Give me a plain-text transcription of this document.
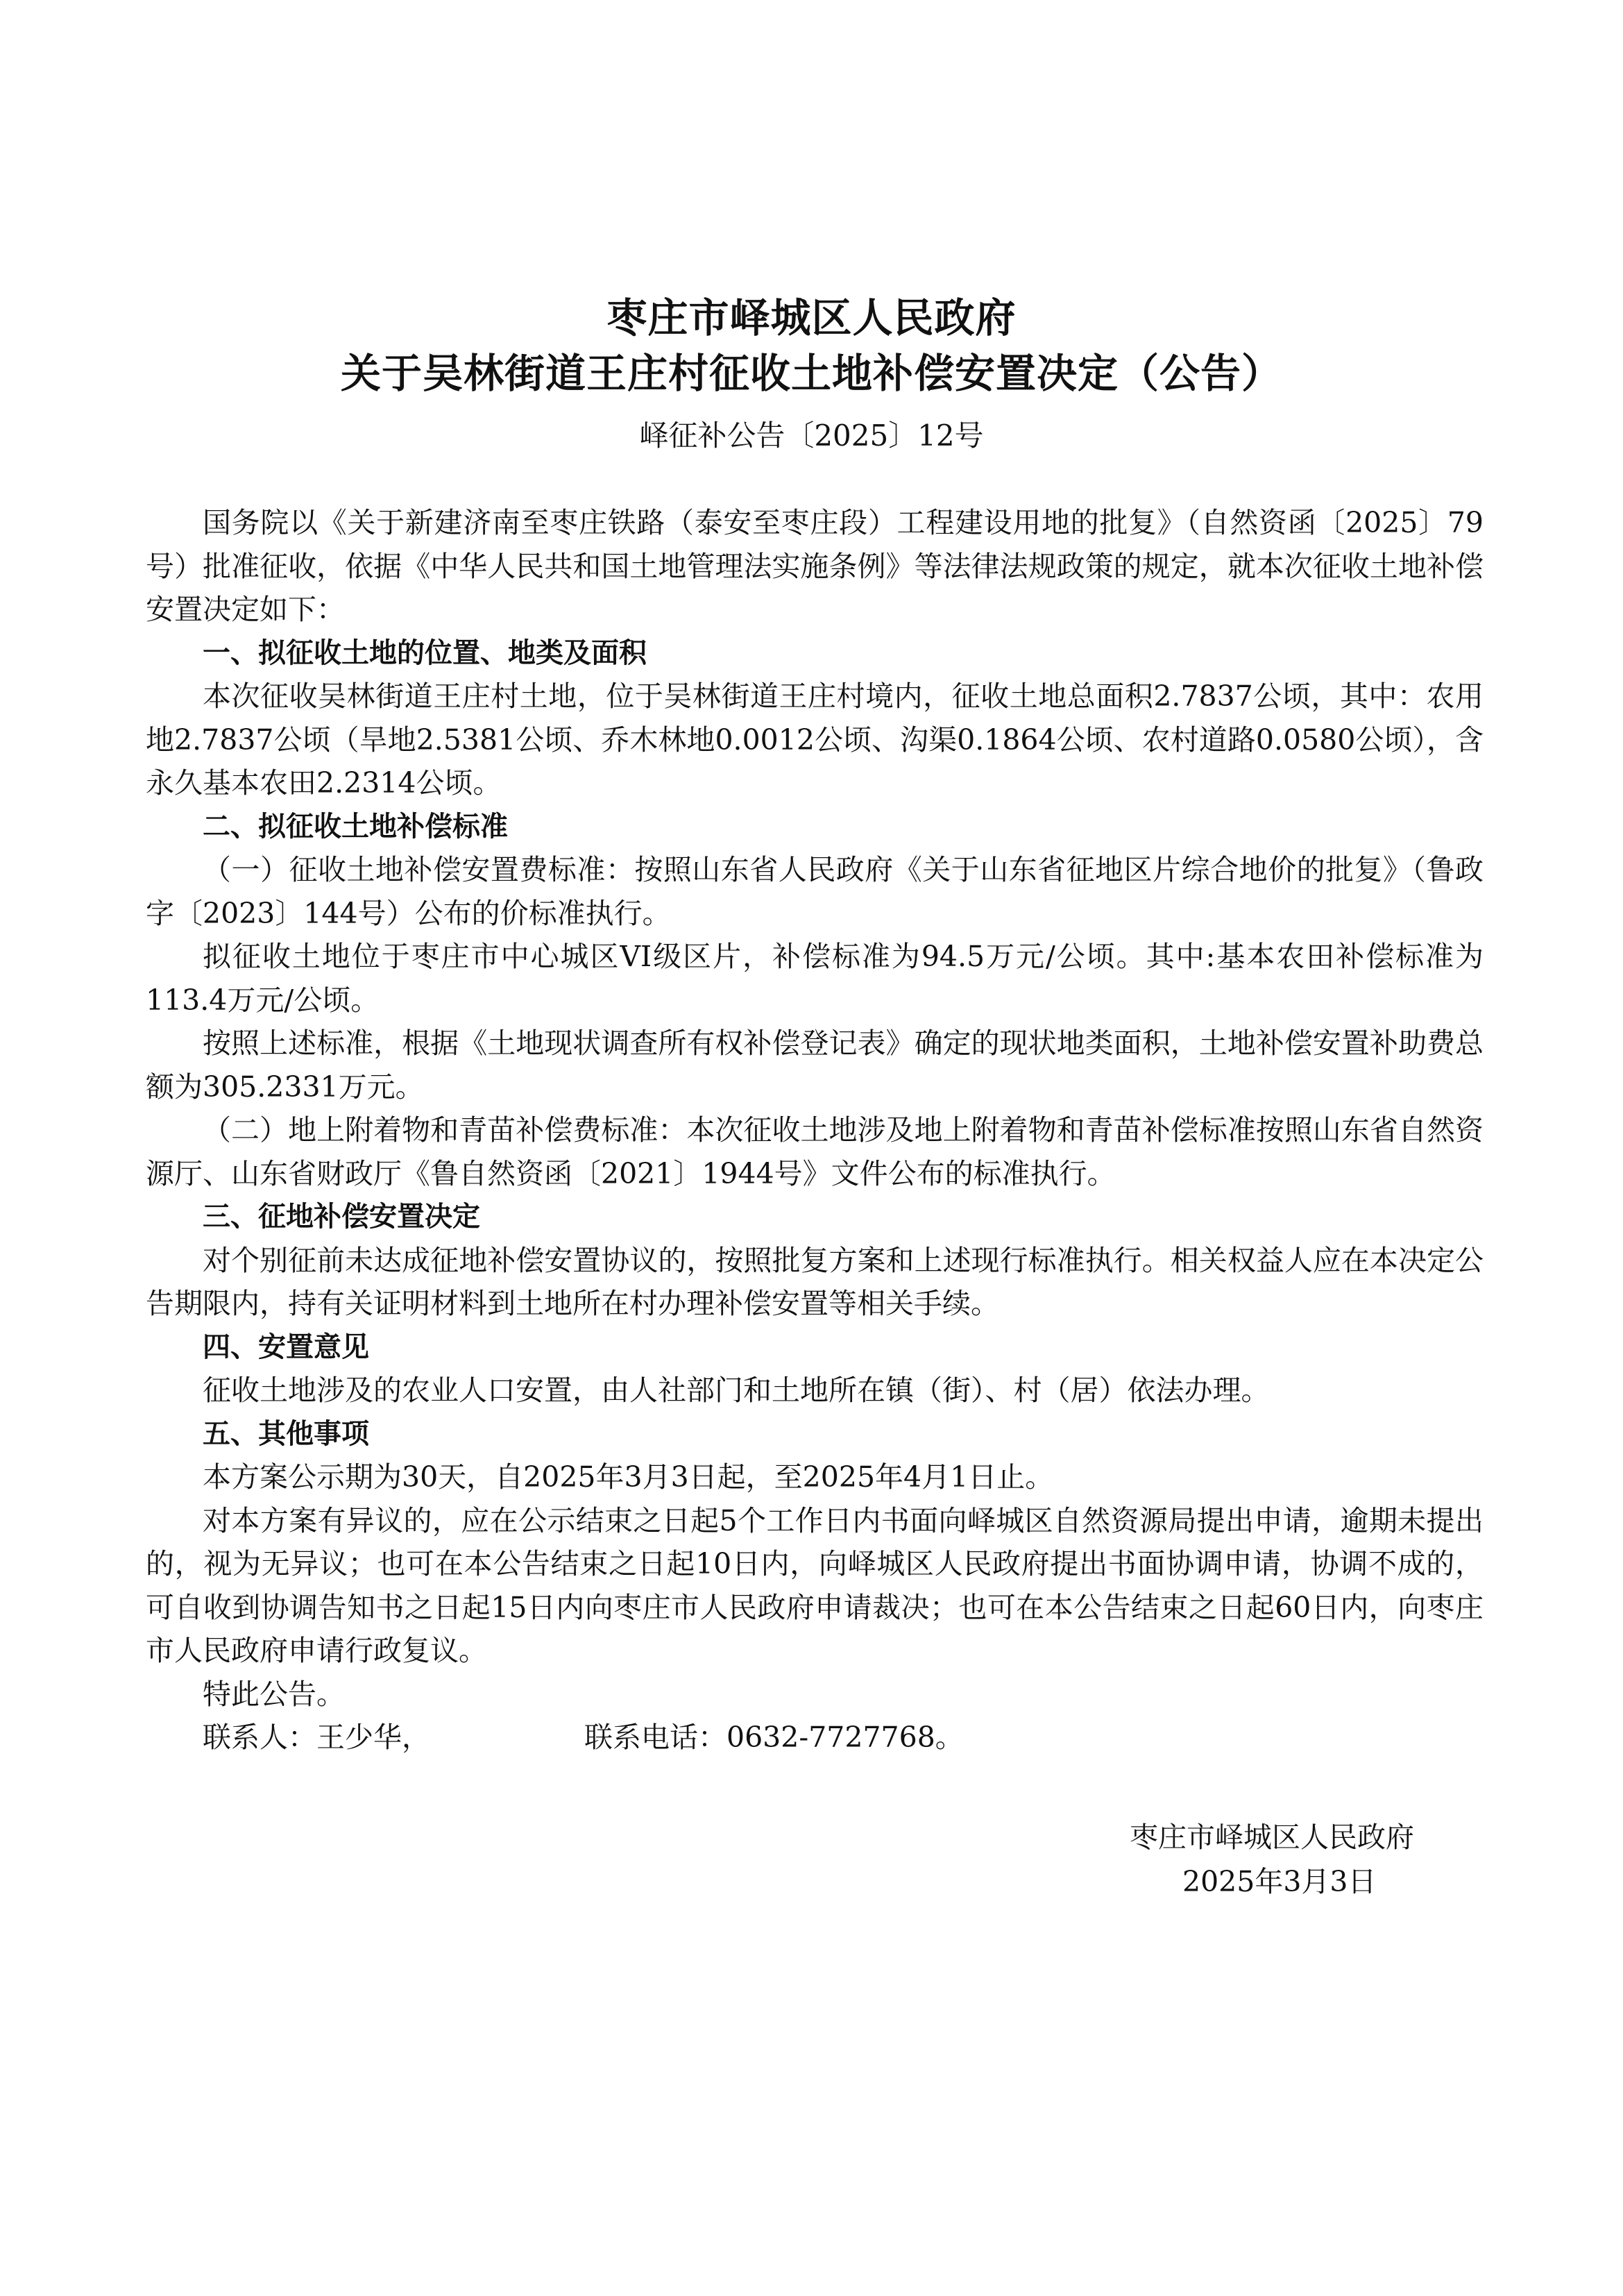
枣庄市峄城区人民政府
关于吴林街道王庄村征收土地补偿安置决定（公告）
峄征补公告〔2025〕12号

国务院以《关于新建济南至枣庄铁路（泰安至枣庄段）工程建设用地的批复》（自然资函〔2025〕79号）批准征收，依据《中华人民共和国土地管理法实施条例》等法律法规政策的规定，就本次征收土地补偿安置决定如下：

一、拟征收土地的位置、地类及面积

本次征收吴林街道王庄村土地，位于吴林街道王庄村境内，征收土地总面积2.7837公顷，其中：农用地2.7837公顷（旱地2.5381公顷、乔木林地0.0012公顷、沟渠0.1864公顷、农村道路0.0580公顷），含永久基本农田2.2314公顷。

二、拟征收土地补偿标准

（一）征收土地补偿安置费标准：按照山东省人民政府《关于山东省征地区片综合地价的批复》（鲁政字〔2023〕144号）公布的价标准执行。

拟征收土地位于枣庄市中心城区VI级区片，补偿标准为94.5万元/公顷。其中:基本农田补偿标准为113.4万元/公顷。

按照上述标准，根据《土地现状调查所有权补偿登记表》确定的现状地类面积，土地补偿安置补助费总额为305.2331万元。

（二）地上附着物和青苗补偿费标准：本次征收土地涉及地上附着物和青苗补偿标准按照山东省自然资源厅、山东省财政厅《鲁自然资函〔2021〕1944号》文件公布的标准执行。

三、征地补偿安置决定

对个别征前未达成征地补偿安置协议的，按照批复方案和上述现行标准执行。相关权益人应在本决定公告期限内，持有关证明材料到土地所在村办理补偿安置等相关手续。

四、安置意见

征收土地涉及的农业人口安置，由人社部门和土地所在镇（街）、村（居）依法办理。

五、其他事项

本方案公示期为30天，自2025年3月3日起，至2025年4月1日止。

对本方案有异议的，应在公示结束之日起5个工作日内书面向峄城区自然资源局提出申请，逾期未提出的，视为无异议；也可在本公告结束之日起10日内，向峄城区人民政府提出书面协调申请，协调不成的，可自收到协调告知书之日起15日内向枣庄市人民政府申请裁决；也可在本公告结束之日起60日内，向枣庄市人民政府申请行政复议。

特此公告。

联系人：王少华，	联系电话：0632-7727768。
枣庄市峄城区人民政府
2025年3月3日
